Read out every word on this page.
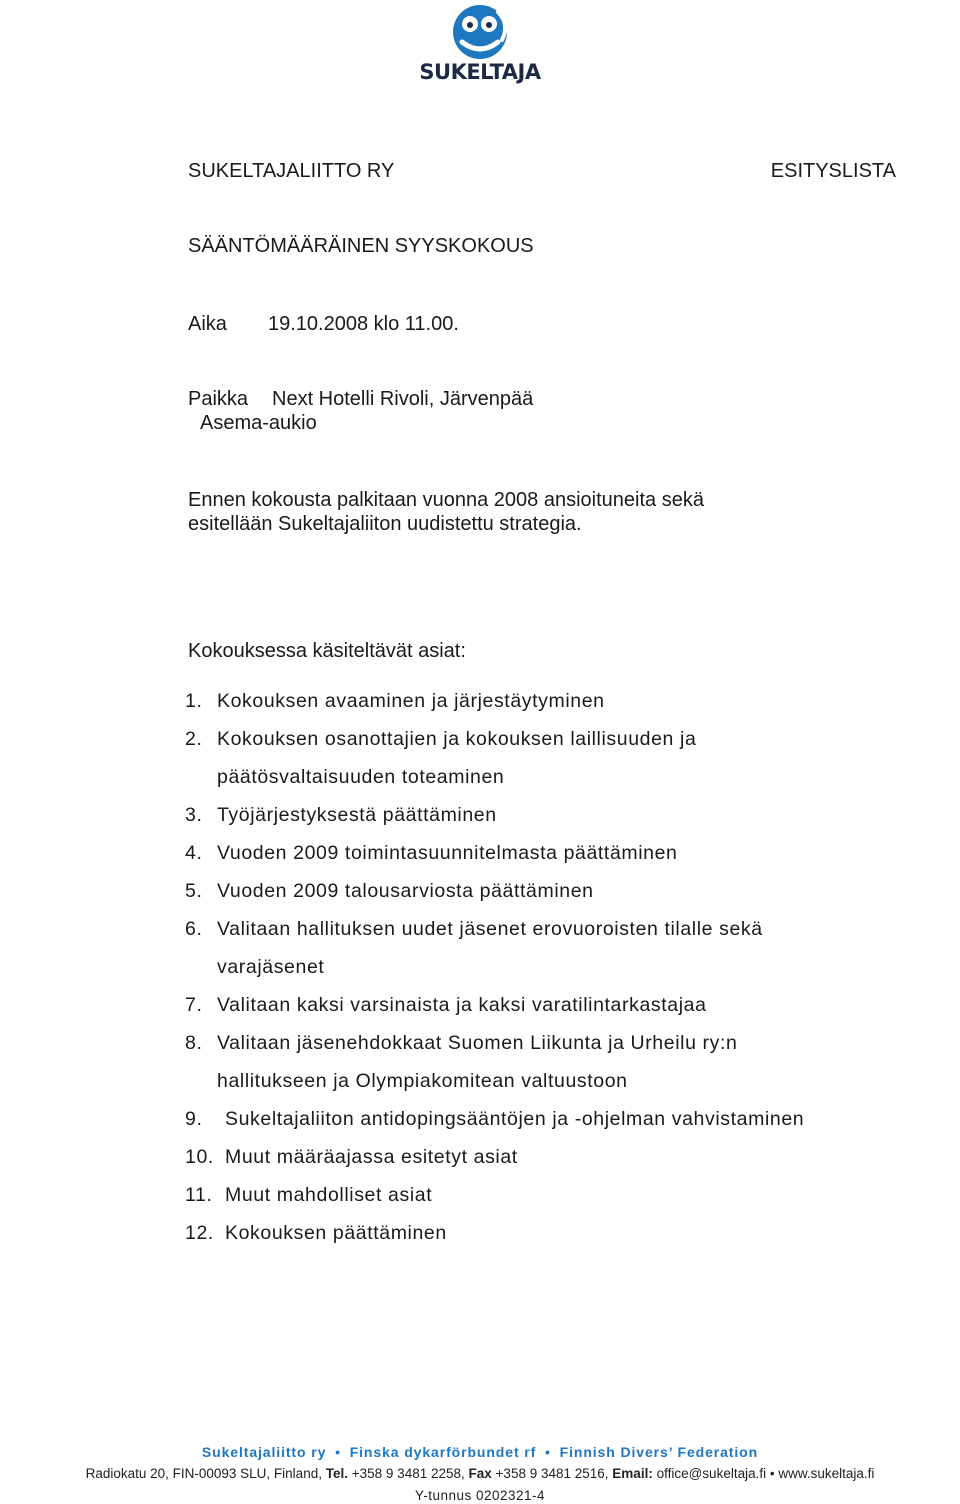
SUKELTAJA
SUKELTAJALIITTO RY	ESITYSLISTA
SÄÄNTÖMÄÄRÄINEN SYYSKOKOUS
Aika 19.10.2008 klo 11.00.
Paikka Next Hotelli Rivoli, Järvenpää
Asema-aukio
Ennen kokousta palkitaan vuonna 2008 ansioituneita sekä
esitellään Sukeltajaliiton uudistettu strategia.
Kokouksessa käsiteltävät asiat:
1. Kokouksen avaaminen ja järjestäytyminen
2. Kokouksen osanottajien ja kokouksen laillisuuden ja
päätösvaltaisuuden toteaminen
3. Työjärjestyksestä päättäminen
4. Vuoden 2009 toimintasuunnitelmasta päättäminen
5. Vuoden 2009 talousarviosta päättäminen
6. Valitaan hallituksen uudet jäsenet erovuoroisten tilalle sekä
varajäsenet
7. Valitaan kaksi varsinaista ja kaksi varatilintarkastajaa
8. Valitaan jäsenehdokkaat Suomen Liikunta ja Urheilu ry:n
hallitukseen ja Olympiakomitean valtuustoon
9. Sukeltajaliiton antidopingsääntöjen ja -ohjelman vahvistaminen
10. Muut määräajassa esitetyt asiat
11. Muut mahdolliset asiat
12. Kokouksen päättäminen
Sukeltajaliitto ry • Finska dykarförbundet rf • Finnish Divers’ Federation
Radiokatu 20, FIN-00093 SLU, Finland, Tel. +358 9 3481 2258, Fax +358 9 3481 2516, Email: office@sukeltaja.fi • www.sukeltaja.fi
Y-tunnus 0202321-4
